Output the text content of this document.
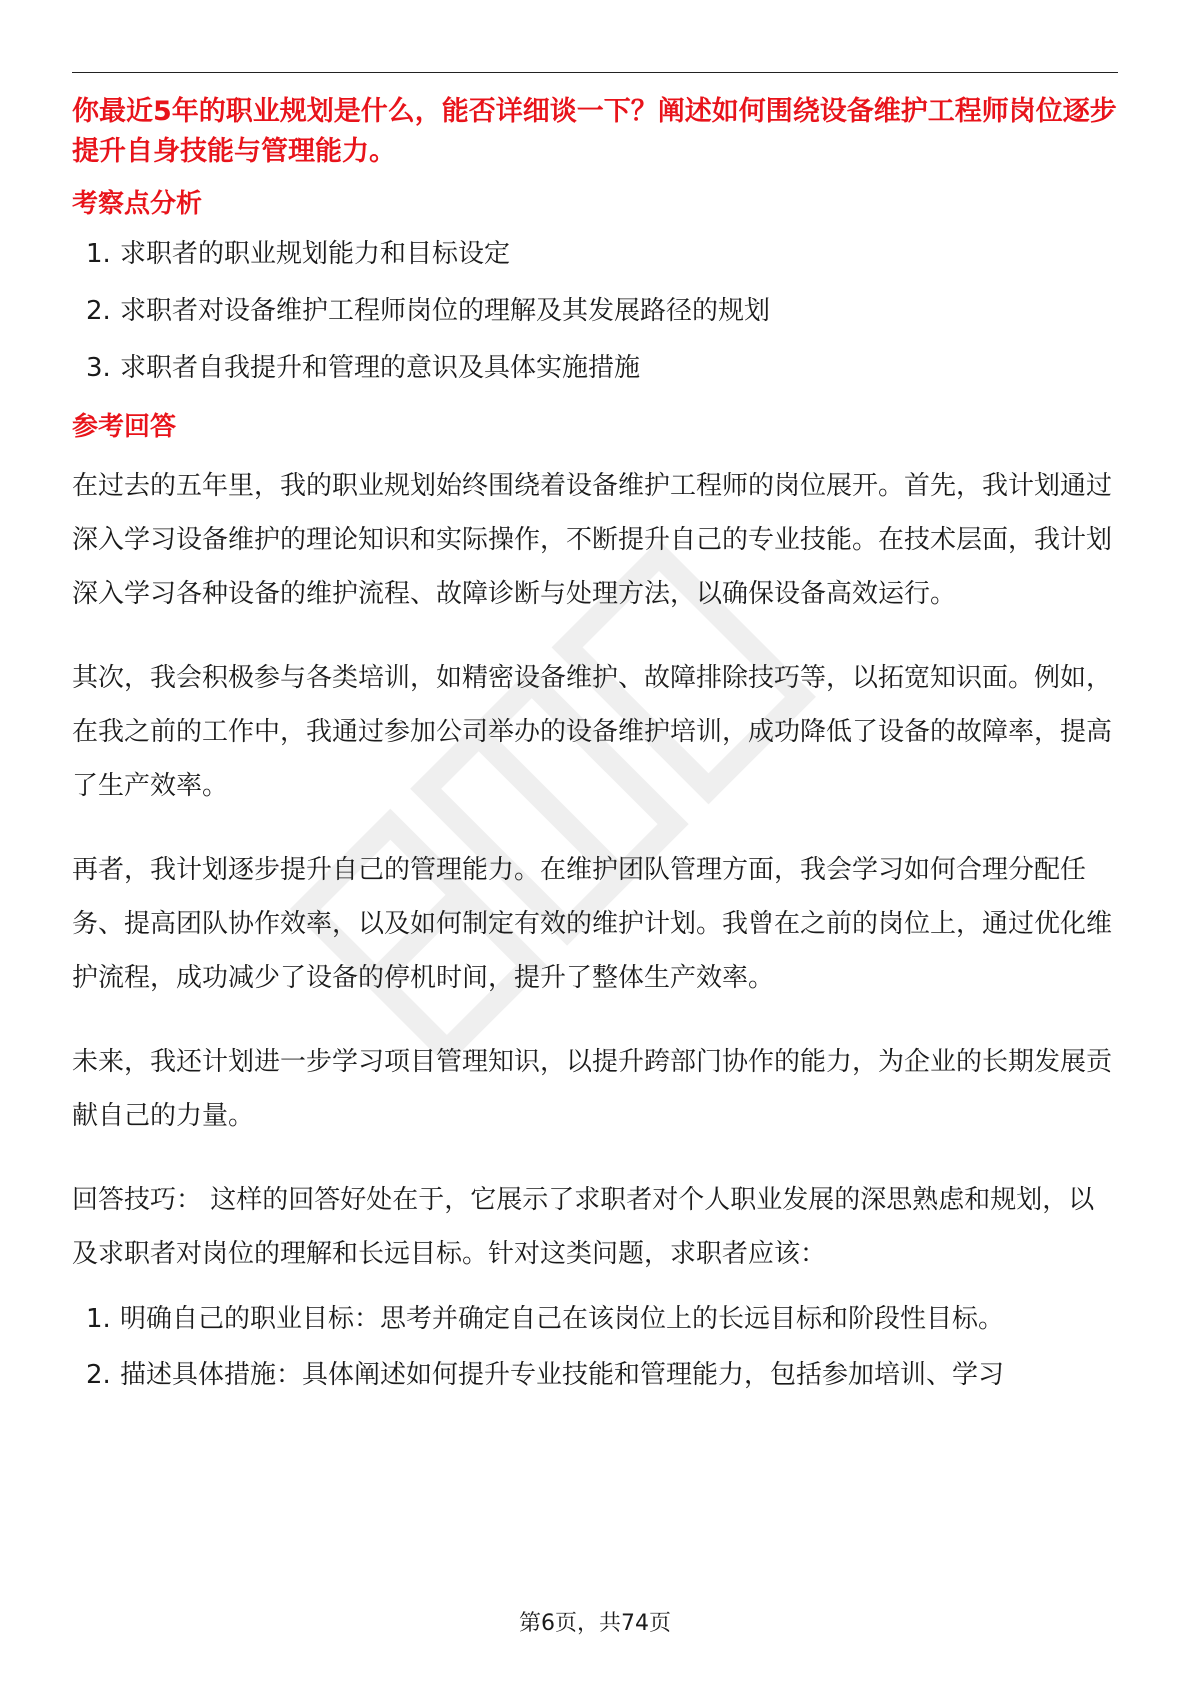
你最近5年的职业规划是什么，能否详细谈一下？阐述如何围绕设备维护工程师岗位逐步提升自身技能与管理能力。
考察点分析
1. 求职者的职业规划能力和目标设定
2. 求职者对设备维护工程师岗位的理解及其发展路径的规划
3. 求职者自我提升和管理的意识及具体实施措施
参考回答

在过去的五年里，我的职业规划始终围绕着设备维护工程师的岗位展开。首先，我计划通过深入学习设备维护的理论知识和实际操作，不断提升自己的专业技能。在技术层面，我计划深入学习各种设备的维护流程、故障诊断与处理方法，以确保设备高效运行。

其次，我会积极参与各类培训，如精密设备维护、故障排除技巧等，以拓宽知识面。例如，在我之前的工作中，我通过参加公司举办的设备维护培训，成功降低了设备的故障率，提高了生产效率。

再者，我计划逐步提升自己的管理能力。在维护团队管理方面，我会学习如何合理分配任务、提高团队协作效率，以及如何制定有效的维护计划。我曾在之前的岗位上，通过优化维护流程，成功减少了设备的停机时间，提升了整体生产效率。

未来，我还计划进一步学习项目管理知识，以提升跨部门协作的能力，为企业的长期发展贡献自己的力量。

回答技巧： 这样的回答好处在于，它展示了求职者对个人职业发展的深思熟虑和规划，以及求职者对岗位的理解和长远目标。针对这类问题，求职者应该：

1. 明确自己的职业目标：思考并确定自己在该岗位上的长远目标和阶段性目标。
2. 描述具体措施：具体阐述如何提升专业技能和管理能力，包括参加培训、学习
第6页，共74页
